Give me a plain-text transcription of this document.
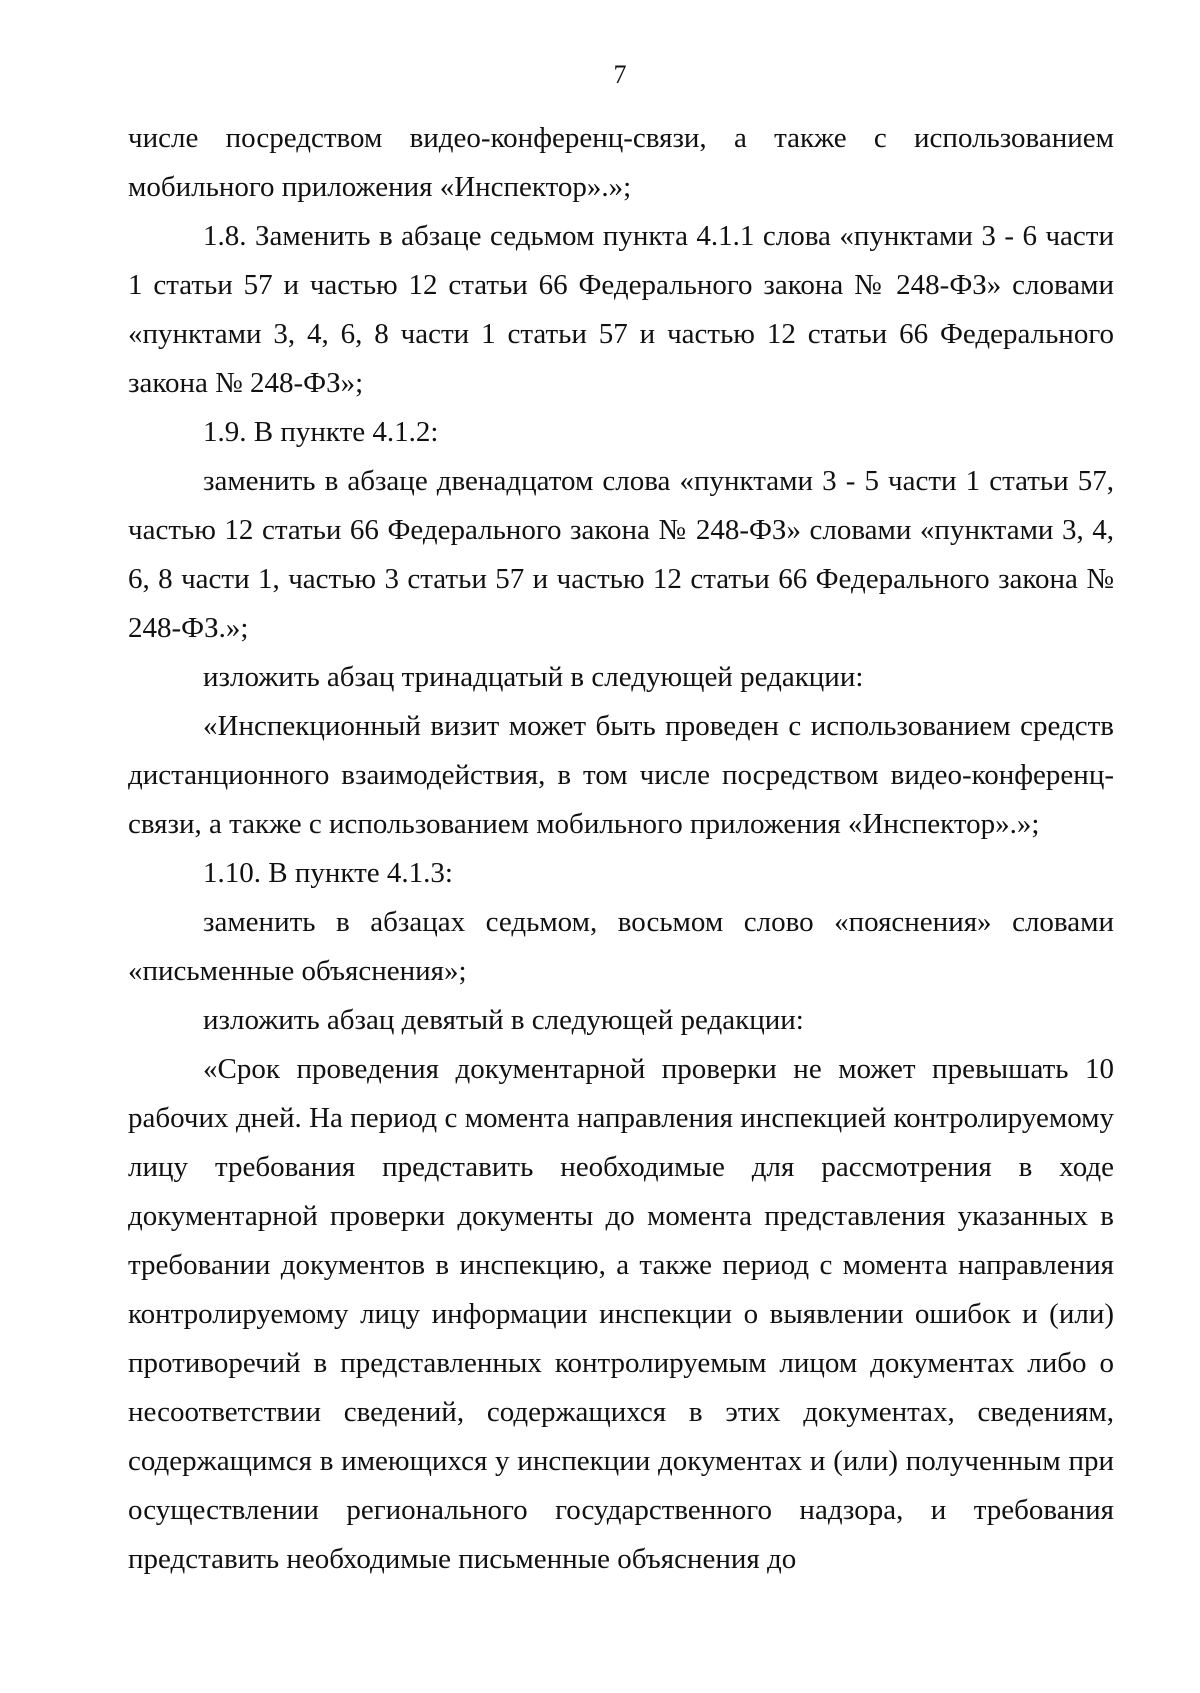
7

числе посредством видео-конференц-связи, а также с использованием мобильного приложения «Инспектор».»;

1.8. Заменить в абзаце седьмом пункта 4.1.1 слова «пунктами 3 - 6 части 1 статьи 57 и частью 12 статьи 66 Федерального закона № 248-ФЗ» словами «пунктами 3, 4, 6, 8 части 1 статьи 57 и частью 12 статьи 66 Федерального закона № 248-ФЗ»;

1.9. В пункте 4.1.2:

заменить в абзаце двенадцатом слова «пунктами 3 - 5 части 1 статьи 57, частью 12 статьи 66 Федерального закона № 248-ФЗ» словами «пунктами 3, 4, 6, 8 части 1, частью 3 статьи 57 и частью 12 статьи 66 Федерального закона № 248-ФЗ.»;

изложить абзац тринадцатый в следующей редакции:

«Инспекционный визит может быть проведен с использованием средств дистанционного взаимодействия, в том числе посредством видео-конференц-связи, а также с использованием мобильного приложения «Инспектор».»;

1.10. В пункте 4.1.3:

заменить в абзацах седьмом, восьмом слово «пояснения» словами «письменные объяснения»;

изложить абзац девятый в следующей редакции:

«Срок проведения документарной проверки не может превышать 10 рабочих дней. На период с момента направления инспекцией контролируемому лицу требования представить необходимые для рассмотрения в ходе документарной проверки документы до момента представления указанных в требовании документов в инспекцию, а также период с момента направления контролируемому лицу информации инспекции о выявлении ошибок и (или) противоречий в представленных контролируемым лицом документах либо о несоответствии сведений, содержащихся в этих документах, сведениям, содержащимся в имеющихся у инспекции документах и (или) полученным при осуществлении регионального государственного надзора, и требования представить необходимые письменные объяснения до
